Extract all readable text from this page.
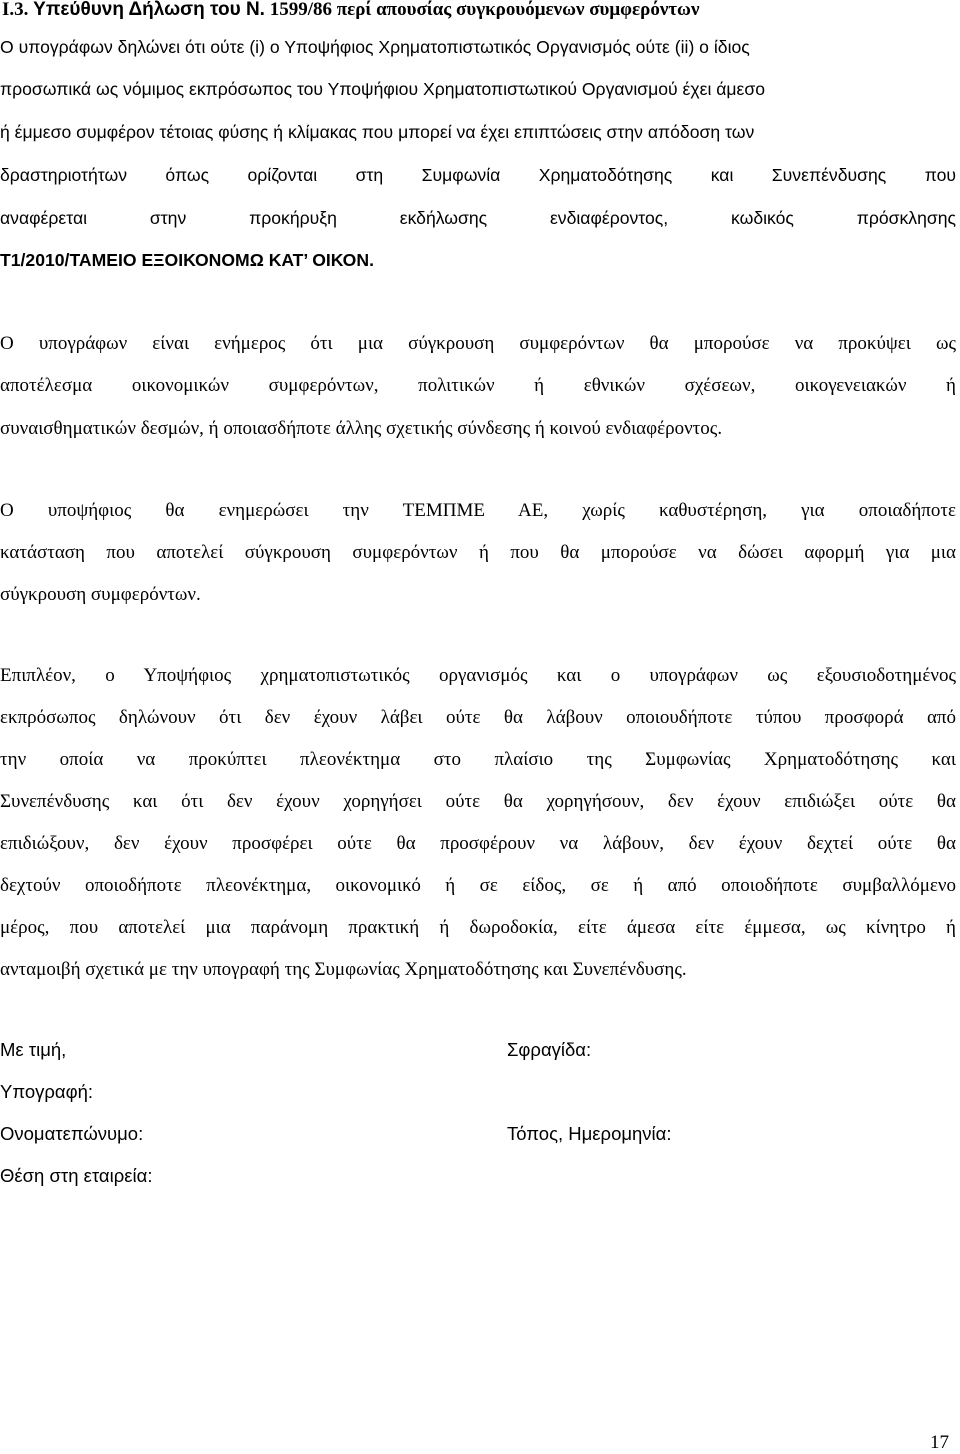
Ι.3. Υπεύθυνη Δήλωση του Ν. 1599/86 περί απουσίας συγκρουόμενων συμφερόντων
Ο υπογράφων δηλώνει ότι ούτε (i) ο Υποψήφιος Χρηματοπιστωτικός Οργανισμός ούτε (ii) ο ίδιος
προσωπικά ως νόμιμος εκπρόσωπος του Υποψήφιου Χρηματοπιστωτικού Οργανισμού έχει άμεσο
ή έμμεσο συμφέρον τέτοιας φύσης ή κλίμακας που μπορεί να έχει επιπτώσεις στην απόδοση των
δραστηριοτήτων όπως ορίζονται στη Συμφωνία Χρηματοδότησης και Συνεπένδυσης που
αναφέρεται στην προκήρυξη εκδήλωσης ενδιαφέροντος, κωδικός πρόσκλησης
Τ1/2010/ΤΑΜΕΙΟ ΕΞΟΙΚΟΝΟΜΩ ΚΑΤ’ ΟΙΚΟΝ.
Ο υπογράφων είναι ενήμερος ότι μια σύγκρουση συμφερόντων θα μπορούσε να προκύψει ως
αποτέλεσμα οικονομικών συμφερόντων, πολιτικών ή εθνικών σχέσεων, οικογενειακών ή
συναισθηματικών δεσμών, ή οποιασδήποτε άλλης σχετικής σύνδεσης ή κοινού ενδιαφέροντος.
Ο υποψήφιος θα ενημερώσει την ΤΕΜΠΜΕ ΑΕ, χωρίς καθυστέρηση, για οποιαδήποτε
κατάσταση που αποτελεί σύγκρουση συμφερόντων ή που θα μπορούσε να δώσει αφορμή για μια
σύγκρουση συμφερόντων.
Επιπλέον, ο Υποψήφιος χρηματοπιστωτικός οργανισμός και ο υπογράφων ως εξουσιοδοτημένος
εκπρόσωπος δηλώνουν ότι δεν έχουν λάβει ούτε θα λάβουν οποιουδήποτε τύπου προσφορά από
την οποία να προκύπτει πλεονέκτημα στο πλαίσιο της Συμφωνίας Χρηματοδότησης και
Συνεπένδυσης και ότι δεν έχουν χορηγήσει ούτε θα χορηγήσουν, δεν έχουν επιδιώξει ούτε θα
επιδιώξουν, δεν έχουν προσφέρει ούτε θα προσφέρουν να λάβουν, δεν έχουν δεχτεί ούτε θα
δεχτούν οποιοδήποτε πλεονέκτημα, οικονομικό ή σε είδος, σε ή από οποιοδήποτε συμβαλλόμενο
μέρος, που αποτελεί μια παράνομη πρακτική ή δωροδοκία, είτε άμεσα είτε έμμεσα, ως κίνητρο ή
ανταμοιβή σχετικά με την υπογραφή της Συμφωνίας Χρηματοδότησης και Συνεπένδυσης.
Με τιμή,
Υπογραφή:
Ονοματεπώνυμο:
Θέση στη εταιρεία:
Σφραγίδα:
Τόπος, Ημερομηνία:
17
